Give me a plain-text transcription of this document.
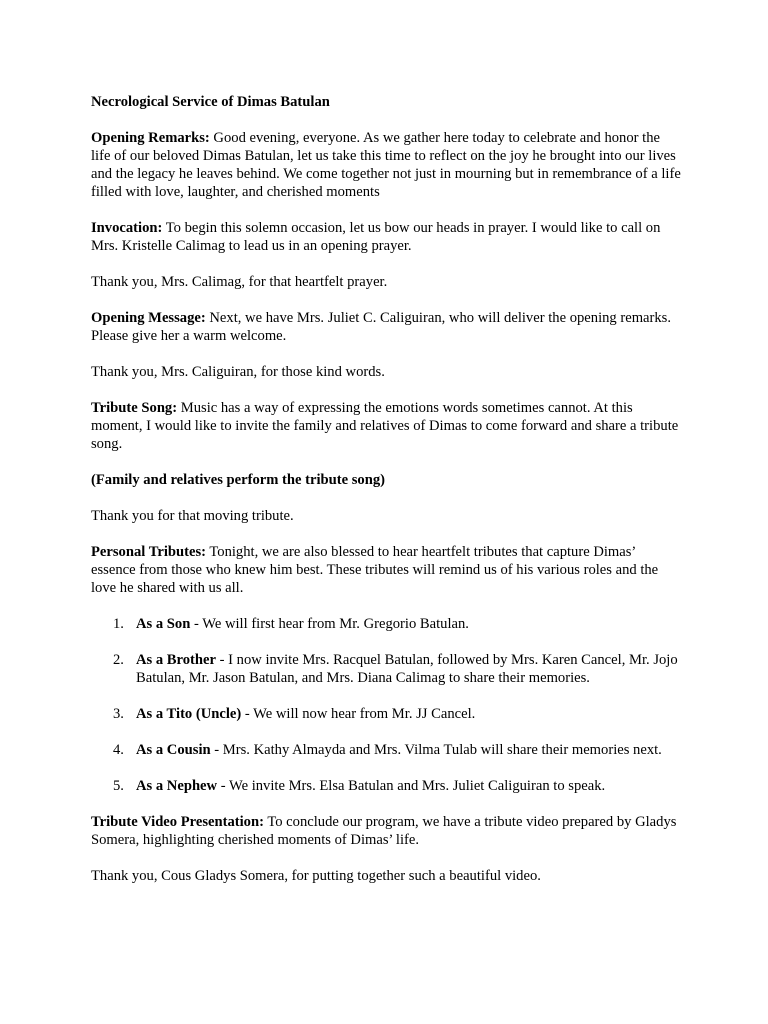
Necrological Service of Dimas Batulan

Opening Remarks: Good evening, everyone. As we gather here today to celebrate and honor the life of our beloved Dimas Batulan, let us take this time to reflect on the joy he brought into our lives and the legacy he leaves behind. We come together not just in mourning but in remembrance of a life filled with love, laughter, and cherished moments

Invocation: To begin this solemn occasion, let us bow our heads in prayer. I would like to call on Mrs. Kristelle Calimag to lead us in an opening prayer.

Thank you, Mrs. Calimag, for that heartfelt prayer.

Opening Message: Next, we have Mrs. Juliet C. Caliguiran, who will deliver the opening remarks. Please give her a warm welcome.

Thank you, Mrs. Caliguiran, for those kind words.

Tribute Song: Music has a way of expressing the emotions words sometimes cannot. At this moment, I would like to invite the family and relatives of Dimas to come forward and share a tribute song.

(Family and relatives perform the tribute song)

Thank you for that moving tribute.

Personal Tributes: Tonight, we are also blessed to hear heartfelt tributes that capture Dimas’ essence from those who knew him best. These tributes will remind us of his various roles and the love he shared with us all.

1. As a Son - We will first hear from Mr. Gregorio Batulan.
2. As a Brother - I now invite Mrs. Racquel Batulan, followed by Mrs. Karen Cancel, Mr. Jojo Batulan, Mr. Jason Batulan, and Mrs. Diana Calimag to share their memories.
3. As a Tito (Uncle) - We will now hear from Mr. JJ Cancel.
4. As a Cousin - Mrs. Kathy Almayda and Mrs. Vilma Tulab will share their memories next.
5. As a Nephew - We invite Mrs. Elsa Batulan and Mrs. Juliet Caliguiran to speak.

Tribute Video Presentation: To conclude our program, we have a tribute video prepared by Gladys Somera, highlighting cherished moments of Dimas’ life.

Thank you, Cous Gladys Somera, for putting together such a beautiful video.
